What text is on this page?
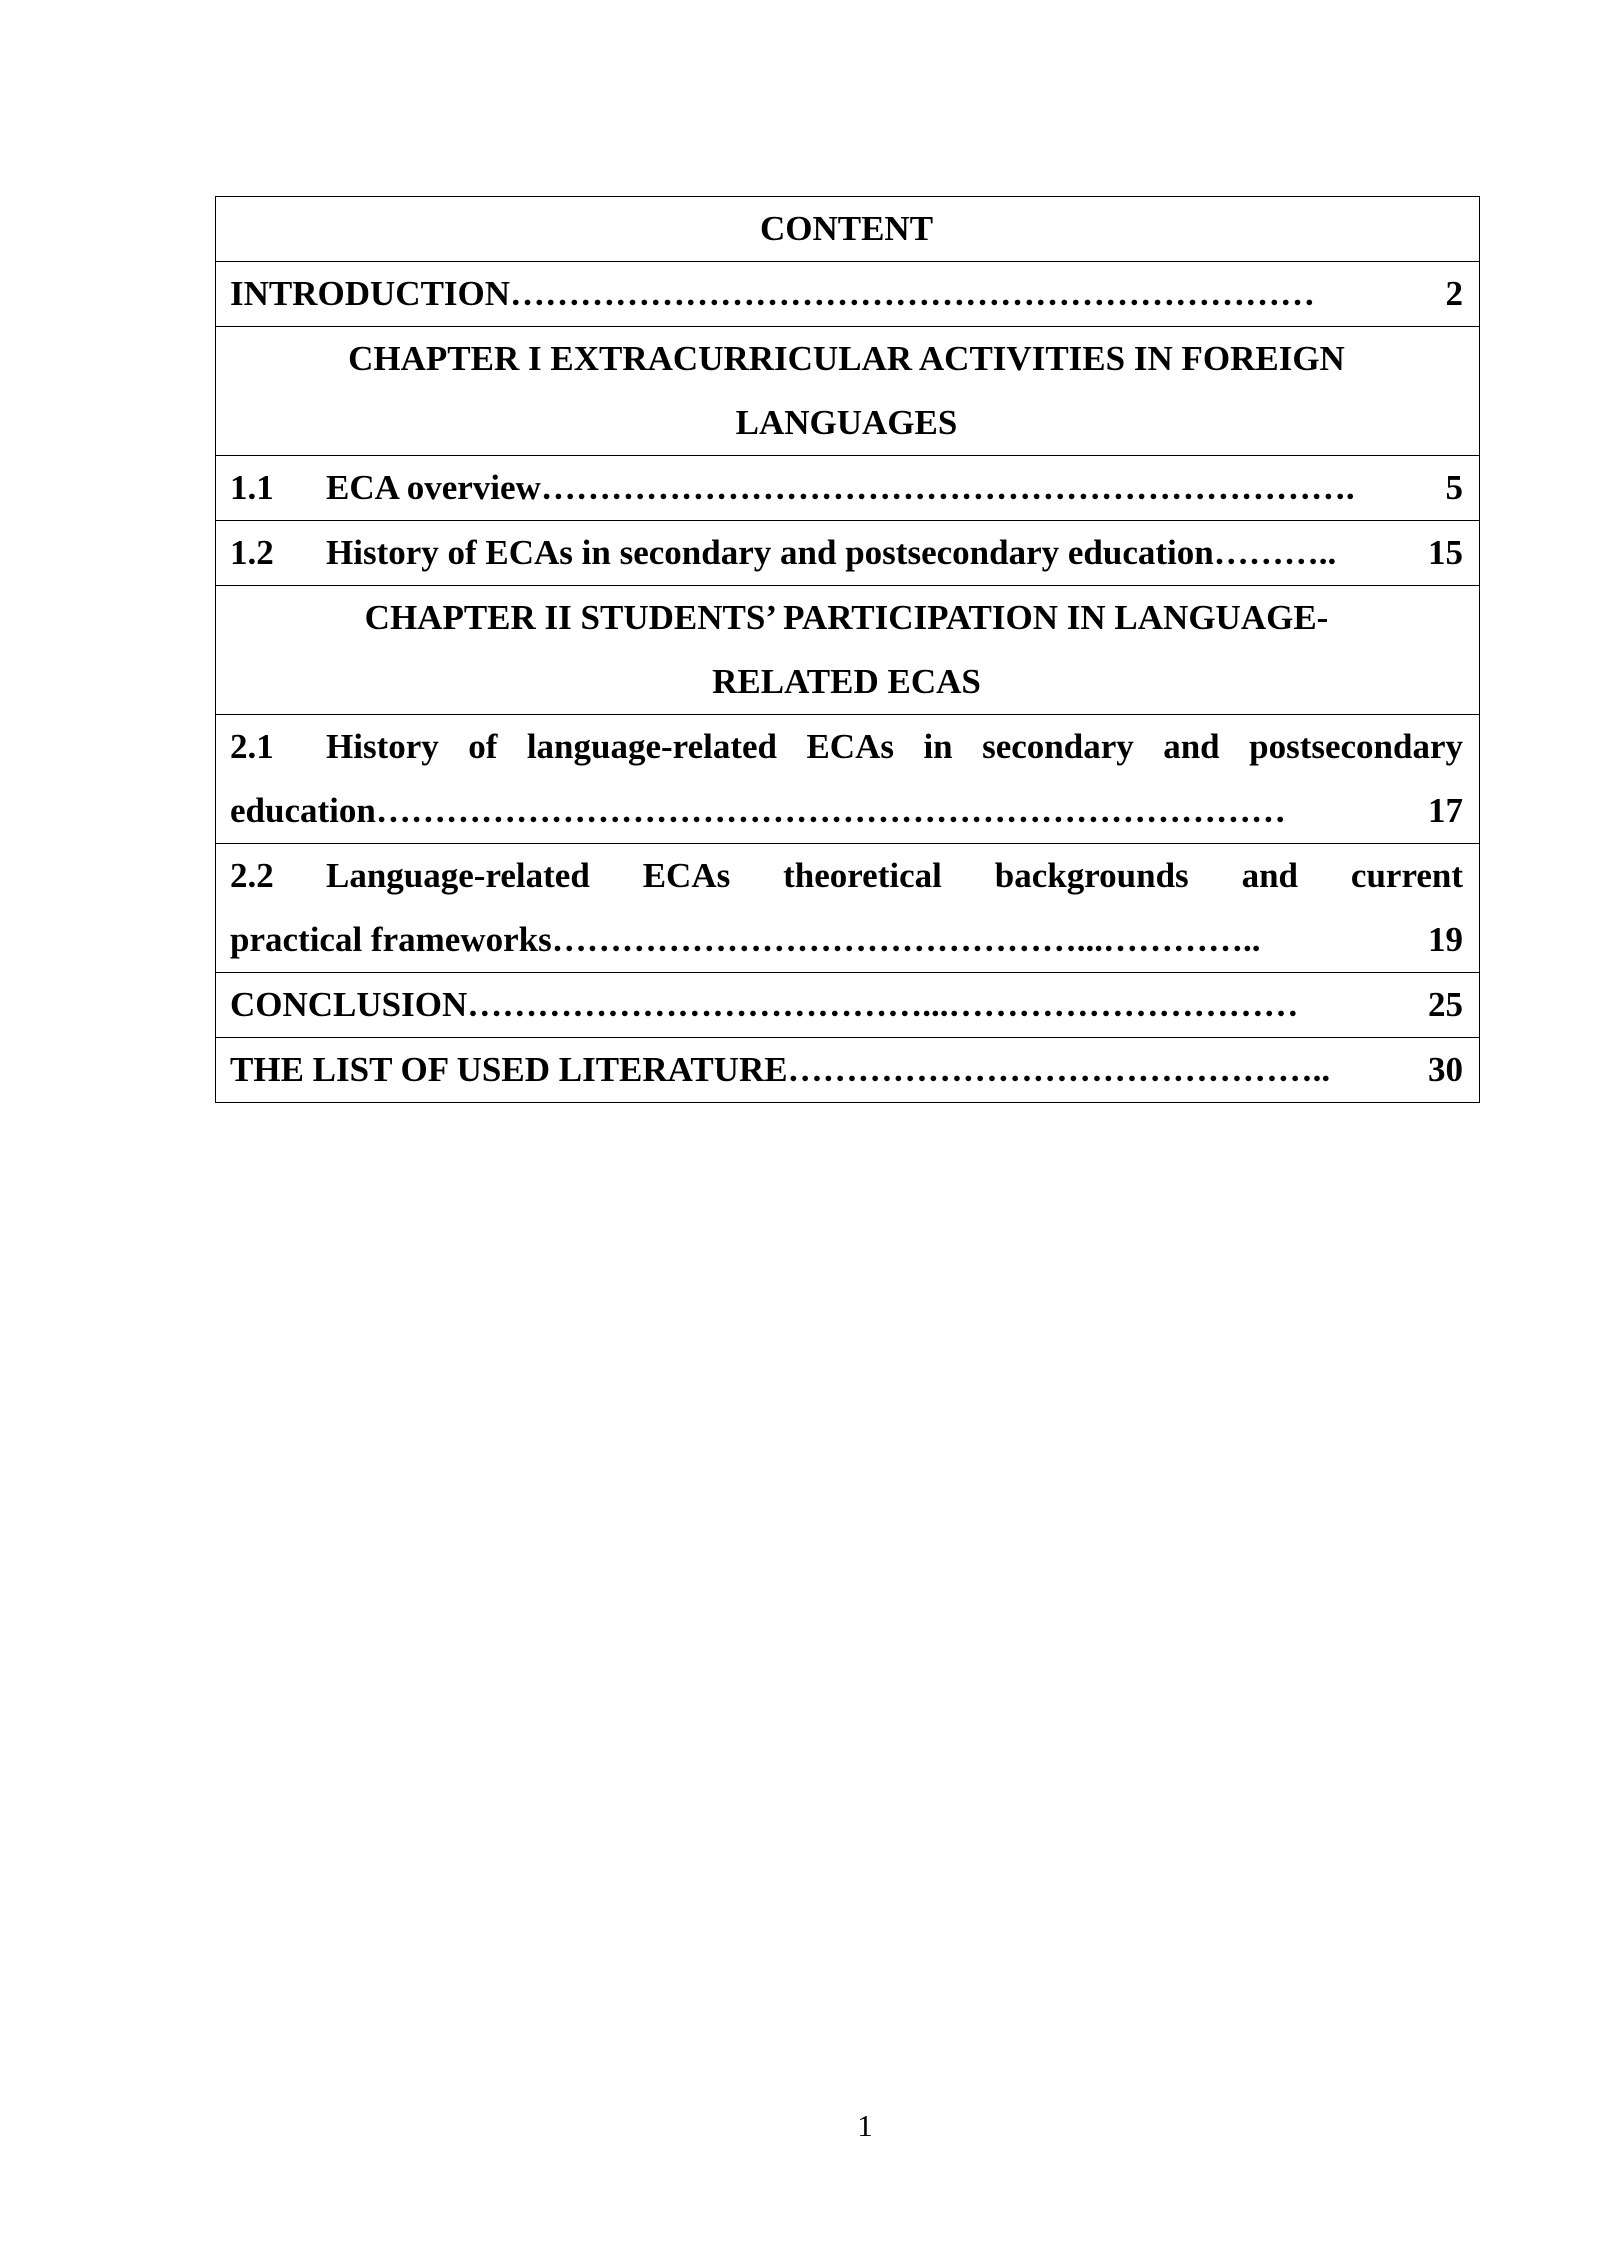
CONTENT

INTRODUCTION ……………………………………………………………	2

CHAPTER I EXTRACURRICULAR ACTIVITIES IN FOREIGN
LANGUAGES

1.1	ECA overview …………………………………………………………….	5

1.2	History of ECAs in secondary and postsecondary education ………..	15

CHAPTER II STUDENTS’ PARTICIPATION IN LANGUAGE-
RELATED ECAS

2.1	History of language-related ECAs in secondary and postsecondary
education ……………………………………………………………………	17

2.2	Language-related ECAs theoretical backgrounds and current
practical frameworks ………………………………………...…………..	19

CONCLUSION …………………………………...…………………………	25

THE LIST OF USED LITERATURE ………………………………………..	30
1
